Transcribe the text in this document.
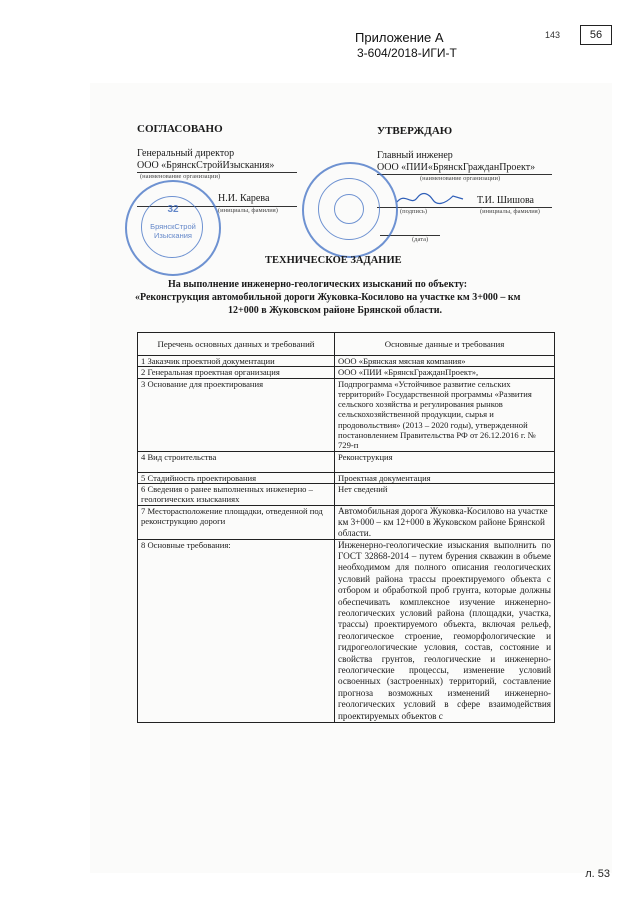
Приложение А
3-604/2018-ИГИ-Т
143	56
СОГЛАСОВАНО
Генеральный директор
ООО «БрянскСтройИзыскания»
(наименование организации)
Н.И. Карева
(инициалы, фамилия)
32
БрянскСтрой Изыскания
УТВЕРЖДАЮ
Главный инженер
ООО «ПИИ«БрянскГражданПроект»
(наименование организации)
Т.И. Шишова
(подпись)	(инициалы, фамилия)
(дата)
ТЕХНИЧЕСКОЕ ЗАДАНИЕ
На выполнение инженерно-геологических изысканий по объекту:
«Реконструкция автомобильной дороги Жуковка-Косилово на участке км 3+000 – км
12+000 в Жуковском районе Брянской области.
Перечень основных данных и требований	Основные данные и требования
1 Заказчик проектной документации	ООО «Брянская мясная компания»
2 Генеральная проектная организация	ООО «ПИИ «БрянскГражданПроект»,
3 Основание для проектирования	Подпрограмма «Устойчивое развитие сельских территорий» Государственной программы «Развития сельского хозяйства и регулирования рынков сельскохозяйственной продукции, сырья и продовольствия» (2013 – 2020 годы), утвержденной постановлением Правительства РФ от 26.12.2016 г. № 729-п
4 Вид строительства	Реконструкция
5 Стадийность проектирования	Проектная документация
6 Сведения о ранее выполненных инженерно – геологических изысканиях	Нет сведений
7 Месторасположение площадки, отведенной под реконструкцию дороги	Автомобильная дорога Жуковка-Косилово на участке км 3+000 – км 12+000 в Жуковском районе Брянской области.
8 Основные требования:	Инженерно-геологические изыскания выполнить по ГОСТ 32868-2014 – путем бурения скважин в объеме необходимом для полного описания геологических условий района трассы проектируемого объекта с отбором и обработкой проб грунта, которые должны обеспечивать комплексное изучение инженерно-геологических условий района (площадки, участка, трассы) проектируемого объекта, включая рельеф, геологическое строение, геоморфологические и гидрогеологические условия, состав, состояние и свойства грунтов, геологические и инженерно-геологические процессы, изменение условий освоенных (застроенных) территорий, составление прогноза возможных изменений инженерно-геологических условий в сфере взаимодействия проектируемых объектов с
л. 53
